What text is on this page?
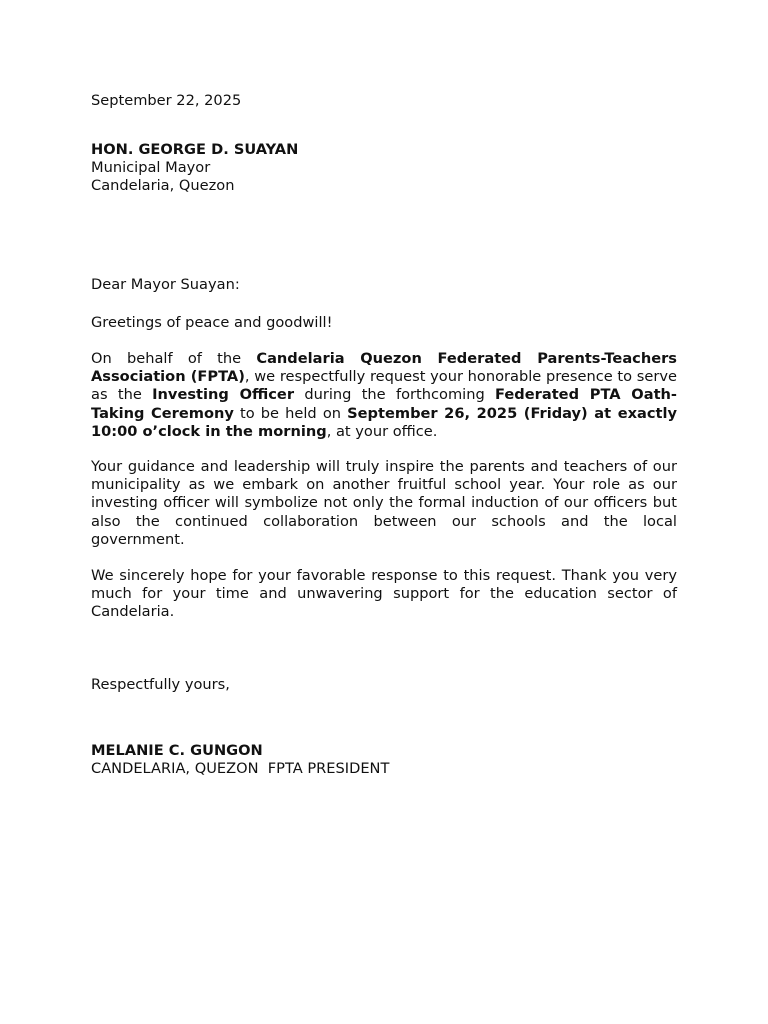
September 22, 2025

HON. GEORGE D. SUAYAN
Municipal Mayor
Candelaria, Quezon

Dear Mayor Suayan:

Greetings of peace and goodwill!

On behalf of the Candelaria Quezon Federated Parents-Teachers Association (FPTA), we respectfully request your honorable presence to serve as the Investing Officer during the forthcoming Federated PTA Oath-Taking Ceremony to be held on September 26, 2025 (Friday) at exactly 10:00 o’clock in the morning, at your office.

Your guidance and leadership will truly inspire the parents and teachers of our municipality as we embark on another fruitful school year. Your role as our investing officer will symbolize not only the formal induction of our officers but also the continued collaboration between our schools and the local government.

We sincerely hope for your favorable response to this request. Thank you very much for your time and unwavering support for the education sector of Candelaria.

Respectfully yours,

MELANIE C. GUNGON
CANDELARIA, QUEZON  FPTA PRESIDENT
